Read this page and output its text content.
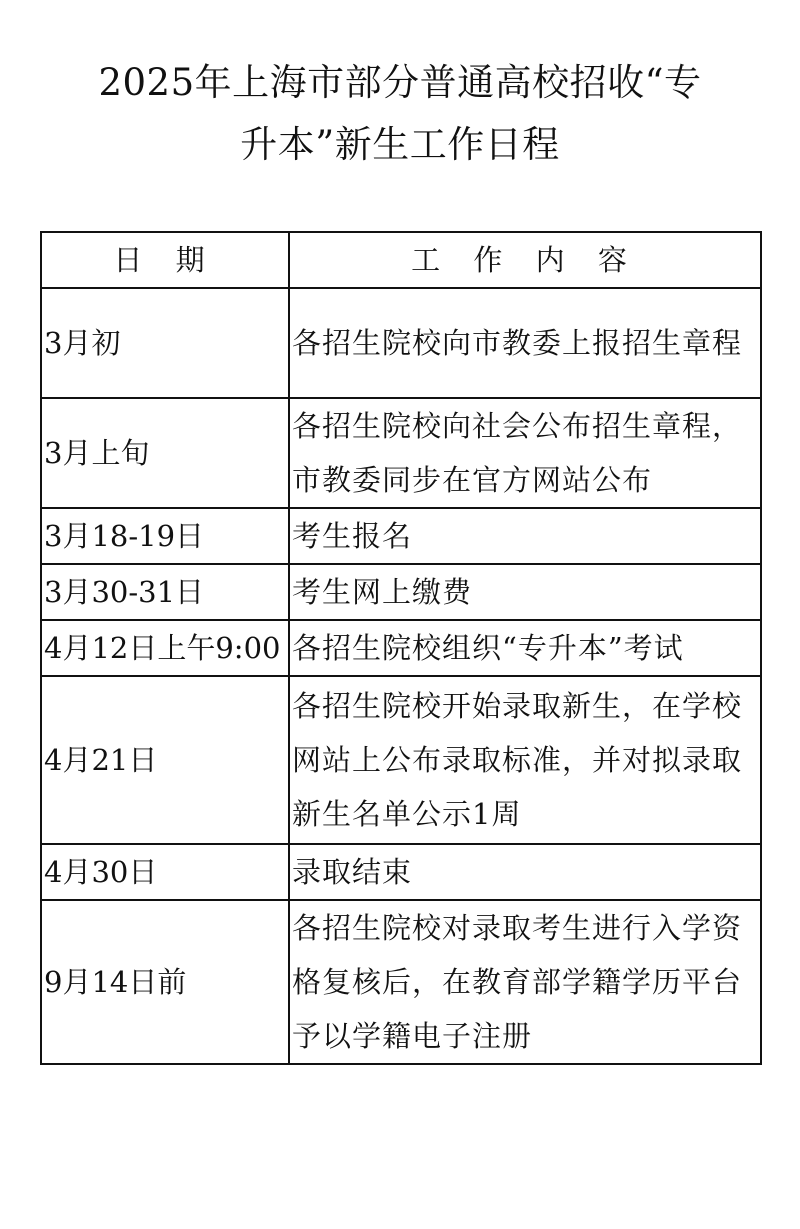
2025年上海市部分普通高校招收“专
升本”新生工作日程
日 期	工 作 内 容
3月初	各招生院校向市教委上报招生章程
3月上旬	各招生院校向社会公布招生章程，市教委同步在官方网站公布
3月18-19日	考生报名
3月30-31日	考生网上缴费
4月12日上午9:00	各招生院校组织“专升本”考试
4月21日	各招生院校开始录取新生，在学校网站上公布录取标准，并对拟录取新生名单公示1周
4月30日	录取结束
9月14日前	各招生院校对录取考生进行入学资格复核后，在教育部学籍学历平台予以学籍电子注册
